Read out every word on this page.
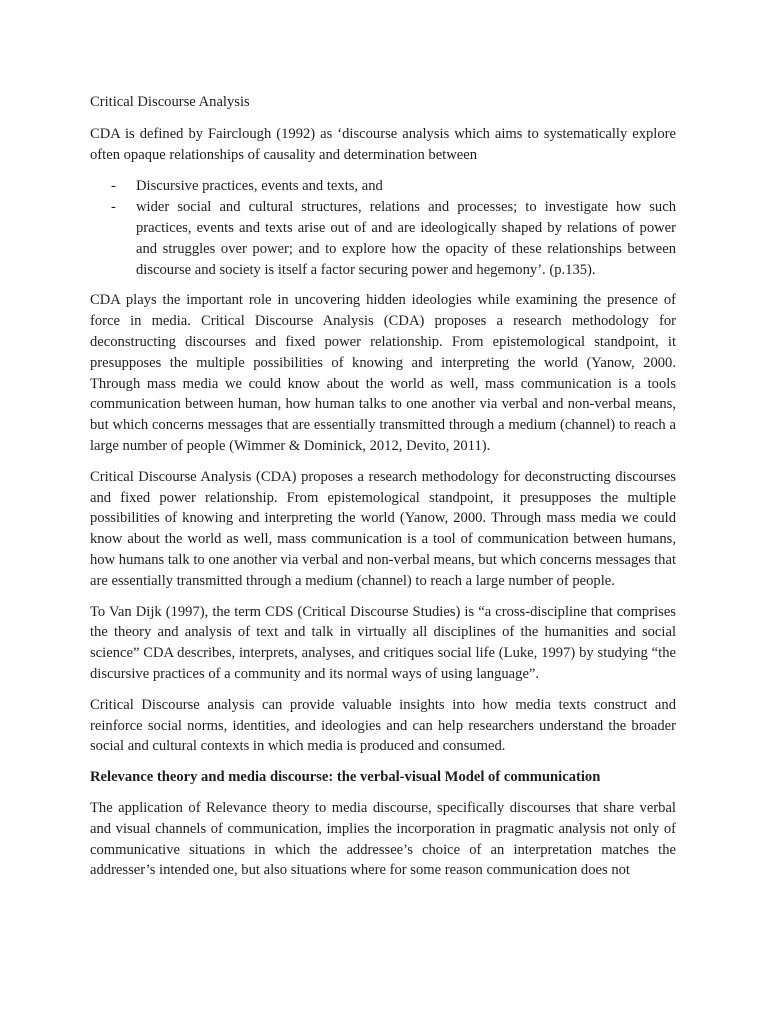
Critical Discourse Analysis

CDA is defined by Fairclough (1992) as ‘discourse analysis which aims to systematically explore often opaque relationships of causality and determination between

- Discursive practices, events and texts, and
- wider social and cultural structures, relations and processes; to investigate how such practices, events and texts arise out of and are ideologically shaped by relations of power and struggles over power; and to explore how the opacity of these relationships between discourse and society is itself a factor securing power and hegemony’. (p.135).

CDA plays the important role in uncovering hidden ideologies while examining the presence of force in media. Critical Discourse Analysis (CDA) proposes a research methodology for deconstructing discourses and fixed power relationship. From epistemological standpoint, it presupposes the multiple possibilities of knowing and interpreting the world (Yanow, 2000. Through mass media we could know about the world as well, mass communication is a tools communication between human, how human talks to one another via verbal and non-verbal means, but which concerns messages that are essentially transmitted through a medium (channel) to reach a large number of people (Wimmer & Dominick, 2012, Devito, 2011).

Critical Discourse Analysis (CDA) proposes a research methodology for deconstructing discourses and fixed power relationship. From epistemological standpoint, it presupposes the multiple possibilities of knowing and interpreting the world (Yanow, 2000. Through mass media we could know about the world as well, mass communication is a tool of communication between humans, how humans talk to one another via verbal and non-verbal means, but which concerns messages that are essentially transmitted through a medium (channel) to reach a large number of people.

To Van Dijk (1997), the term CDS (Critical Discourse Studies) is “a cross-discipline that comprises the theory and analysis of text and talk in virtually all disciplines of the humanities and social science” CDA describes, interprets, analyses, and critiques social life (Luke, 1997) by studying “the discursive practices of a community and its normal ways of using language”.

Critical Discourse analysis can provide valuable insights into how media texts construct and reinforce social norms, identities, and ideologies and can help researchers understand the broader social and cultural contexts in which media is produced and consumed.

Relevance theory and media discourse: the verbal-visual Model of communication

The application of Relevance theory to media discourse, specifically discourses that share verbal and visual channels of communication, implies the incorporation in pragmatic analysis not only of communicative situations in which the addressee’s choice of an interpretation matches the addresser’s intended one, but also situations where for some reason communication does not
